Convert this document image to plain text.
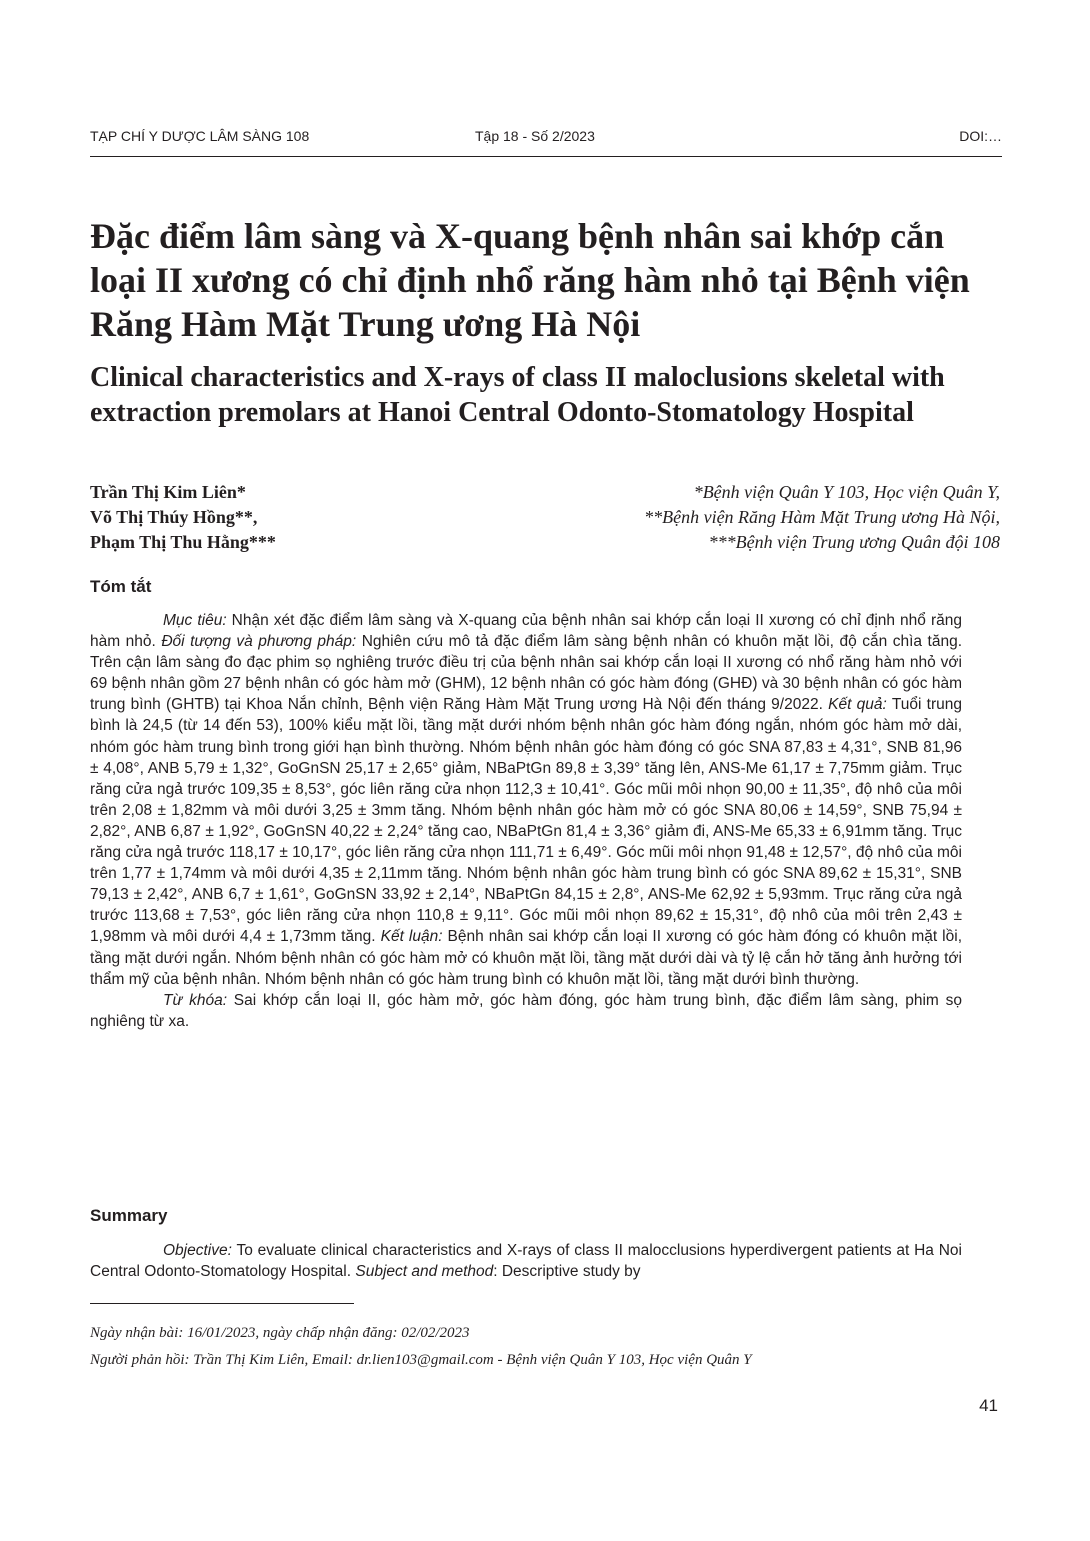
TẠP CHÍ Y DƯỢC LÂM SÀNG 108	Tập 18 - Số 2/2023	DOI:…
Đặc điểm lâm sàng và X-quang bệnh nhân sai khớp cắn loại II xương có chỉ định nhổ răng hàm nhỏ tại Bệnh viện Răng Hàm Mặt Trung ương Hà Nội
Clinical characteristics and X-rays of class II maloclusions skeletal with extraction premolars at Hanoi Central Odonto-Stomatology Hospital
Trần Thị Kim Liên*
Võ Thị Thúy Hồng**,
Phạm Thị Thu Hằng***
*Bệnh viện Quân Y 103, Học viện Quân Y,
**Bệnh viện Răng Hàm Mặt Trung ương Hà Nội,
***Bệnh viện Trung ương Quân đội 108
Tóm tắt

Mục tiêu: Nhận xét đặc điểm lâm sàng và X-quang của bệnh nhân sai khớp cắn loại II xương có chỉ định nhổ răng hàm nhỏ. Đối tượng và phương pháp: Nghiên cứu mô tả đặc điểm lâm sàng bệnh nhân có khuôn mặt lồi, độ cắn chìa tăng. Trên cận lâm sàng đo đạc phim sọ nghiêng trước điều trị của bệnh nhân sai khớp cắn loại II xương có nhổ răng hàm nhỏ với 69 bệnh nhân gồm 27 bệnh nhân có góc hàm mở (GHM), 12 bệnh nhân có góc hàm đóng (GHĐ) và 30 bệnh nhân có góc hàm trung bình (GHTB) tại Khoa Nắn chỉnh, Bệnh viện Răng Hàm Mặt Trung ương Hà Nội đến tháng 9/2022. Kết quả: Tuổi trung bình là 24,5 (từ 14 đến 53), 100% kiểu mặt lồi, tầng mặt dưới nhóm bệnh nhân góc hàm đóng ngắn, nhóm góc hàm mở dài, nhóm góc hàm trung bình trong giới hạn bình thường. Nhóm bệnh nhân góc hàm đóng có góc SNA 87,83 ± 4,31°, SNB 81,96 ± 4,08°, ANB 5,79 ± 1,32°, GoGnSN 25,17 ± 2,65° giảm, NBaPtGn 89,8 ± 3,39° tăng lên, ANS-Me 61,17 ± 7,75mm giảm. Trục răng cửa ngả trước 109,35 ± 8,53°, góc liên răng cửa nhọn 112,3 ± 10,41°. Góc mũi môi nhọn 90,00 ± 11,35°, độ nhô của môi trên 2,08 ± 1,82mm và môi dưới 3,25 ± 3mm tăng. Nhóm bệnh nhân góc hàm mở có góc SNA 80,06 ± 14,59°, SNB 75,94 ± 2,82°, ANB 6,87 ± 1,92°, GoGnSN 40,22 ± 2,24° tăng cao, NBaPtGn 81,4 ± 3,36° giảm đi, ANS-Me 65,33 ± 6,91mm tăng. Trục răng cửa ngả trước 118,17 ± 10,17°, góc liên răng cửa nhọn 111,71 ± 6,49°. Góc mũi môi nhọn 91,48 ± 12,57°, độ nhô của môi trên 1,77 ± 1,74mm và môi dưới 4,35 ± 2,11mm tăng. Nhóm bệnh nhân góc hàm trung bình có góc SNA 89,62 ± 15,31°, SNB 79,13 ± 2,42°, ANB 6,7 ± 1,61°, GoGnSN 33,92 ± 2,14°, NBaPtGn 84,15 ± 2,8°, ANS-Me 62,92 ± 5,93mm. Trục răng cửa ngả trước 113,68 ± 7,53°, góc liên răng cửa nhọn 110,8 ± 9,11°. Góc mũi môi nhọn 89,62 ± 15,31°, độ nhô của môi trên 2,43 ± 1,98mm và môi dưới 4,4 ± 1,73mm tăng. Kết luận: Bệnh nhân sai khớp cắn loại II xương có góc hàm đóng có khuôn mặt lồi, tầng mặt dưới ngắn. Nhóm bệnh nhân có góc hàm mở có khuôn mặt lồi, tầng mặt dưới dài và tỷ lệ cắn hở tăng ảnh hưởng tới thẩm mỹ của bệnh nhân. Nhóm bệnh nhân có góc hàm trung bình có khuôn mặt lồi, tầng mặt dưới bình thường.

Từ khóa: Sai khớp cắn loại II, góc hàm mở, góc hàm đóng, góc hàm trung bình, đặc điểm lâm sàng, phim sọ nghiêng từ xa.

Summary

Objective: To evaluate clinical characteristics and X-rays of class II malocclusions hyperdivergent patients at Ha Noi Central Odonto-Stomatology Hospital. Subject and method: Descriptive study by

Ngày nhận bài: 16/01/2023, ngày chấp nhận đăng: 02/02/2023
Người phản hồi: Trần Thị Kim Liên, Email: dr.lien103@gmail.com - Bệnh viện Quân Y 103, Học viện Quân Y
41
